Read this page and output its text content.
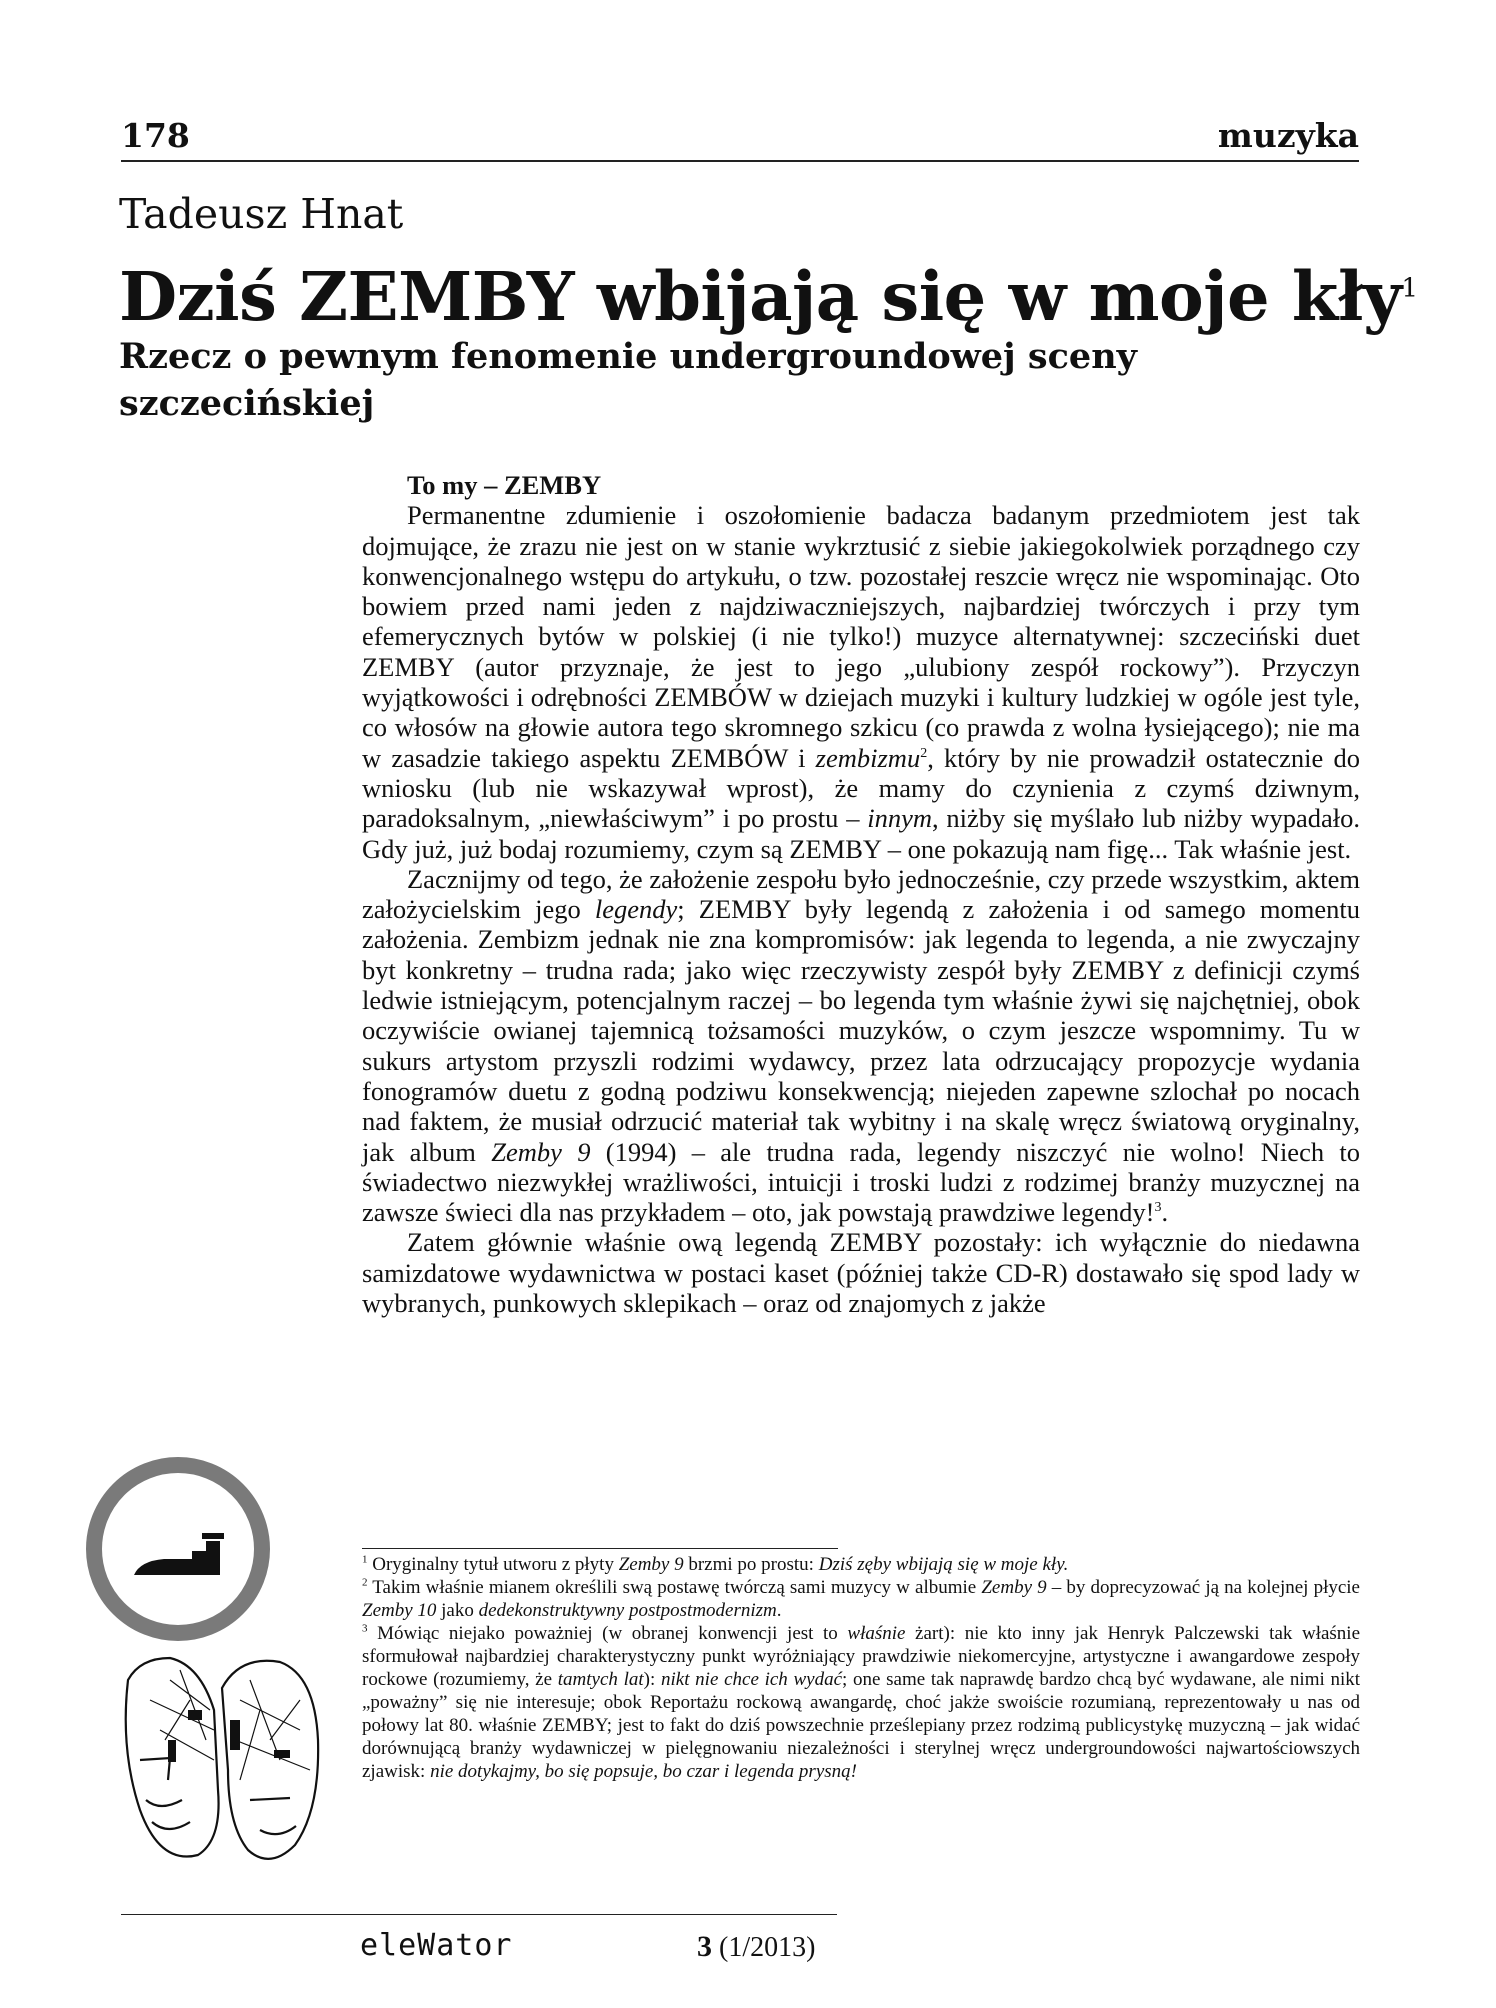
178	muzyka
Tadeusz Hnat
Dziś ZEMBY wbijają się w moje kły$^1$
Rzecz o pewnym fenomenie undergroundowej sceny szczecińskiej

To my – ZEMBY

Permanentne zdumienie i oszołomienie badacza badanym przedmiotem jest tak dojmujące, że zrazu nie jest on w stanie wykrztusić z siebie jakiegokolwiek porządnego czy konwencjonalnego wstępu do artykułu, o tzw. pozostałej reszcie wręcz nie wspominając. Oto bowiem przed nami jeden z najdziwaczniejszych, najbardziej twórczych i przy tym efemerycznych bytów w polskiej (i nie tylko!) muzyce alternatywnej: szczeciński duet ZEMBY (autor przyznaje, że jest to jego „ulubiony zespół rockowy”). Przyczyn wyjątkowości i odrębności ZEMBÓW w dziejach muzyki i kultury ludzkiej w ogóle jest tyle, co włosów na głowie autora tego skromnego szkicu (co prawda z wolna łysiejącego); nie ma w zasadzie takiego aspektu ZEMBÓW i zembizmu$^2$, który by nie prowadził ostatecznie do wniosku (lub nie wskazywał wprost), że mamy do czynienia z czymś dziwnym, paradoksalnym, „niewłaściwym” i po prostu – innym, niżby się myślało lub niżby wypadało. Gdy już, już bodaj rozumiemy, czym są ZEMBY – one pokazują nam figę... Tak właśnie jest.

Zacznijmy od tego, że założenie zespołu było jednocześnie, czy przede wszystkim, aktem założycielskim jego legendy; ZEMBY były legendą z założenia i od samego momentu założenia. Zembizm jednak nie zna kompromisów: jak legenda to legenda, a nie zwyczajny byt konkretny – trudna rada; jako więc rzeczywisty zespół były ZEMBY z definicji czymś ledwie istniejącym, potencjalnym raczej – bo legenda tym właśnie żywi się najchętniej, obok oczywiście owianej tajemnicą tożsamości muzyków, o czym jeszcze wspomnimy. Tu w sukurs artystom przyszli rodzimi wydawcy, przez lata odrzucający propozycje wydania fonogramów duetu z godną podziwu konsekwencją; niejeden zapewne szlochał po nocach nad faktem, że musiał odrzucić materiał tak wybitny i na skalę wręcz światową oryginalny, jak album Zemby 9 (1994) – ale trudna rada, legendy niszczyć nie wolno! Niech to świadectwo niezwykłej wrażliwości, intuicji i troski ludzi z rodzimej branży muzycznej na zawsze świeci dla nas przykładem – oto, jak powstają prawdziwe legendy!$^3$.

Zatem głównie właśnie ową legendą ZEMBY pozostały: ich wyłącznie do niedawna samizdatowe wydawnictwa w postaci kaset (później także CD-R) dostawało się spod lady w wybranych, punkowych sklepikach – oraz od znajomych z jakże

$^1$ Oryginalny tytuł utworu z płyty Zemby 9 brzmi po prostu: Dziś zęby wbijają się w moje kły.

$^2$ Takim właśnie mianem określili swą postawę twórczą sami muzycy w albumie Zemby 9 – by doprecyzować ją na kolejnej płycie Zemby 10 jako dedekonstruktywny postpostmodernizm.

$^3$ Mówiąc niejako poważniej (w obranej konwencji jest to właśnie żart): nie kto inny jak Henryk Palczewski tak właśnie sformułował najbardziej charakterystyczny punkt wyróżniający prawdziwie niekomercyjne, artystyczne i awangardowe zespoły rockowe (rozumiemy, że tamtych lat): nikt nie chce ich wydać; one same tak naprawdę bardzo chcą być wydawane, ale nimi nikt „poważny” się nie interesuje; obok Reportażu rockową awangardę, choć jakże swoiście rozumianą, reprezentowały u nas od połowy lat 80. właśnie ZEMBY; jest to fakt do dziś powszechnie prześlepiany przez rodzimą publicystykę muzyczną – jak widać dorównującą branży wydawniczej w pielęgnowaniu niezależności i sterylnej wręcz undergroundowości najwartościowszych zjawisk: nie dotykajmy, bo się popsuje, bo czar i legenda prysną!

eleWator	3 (1/2013)
